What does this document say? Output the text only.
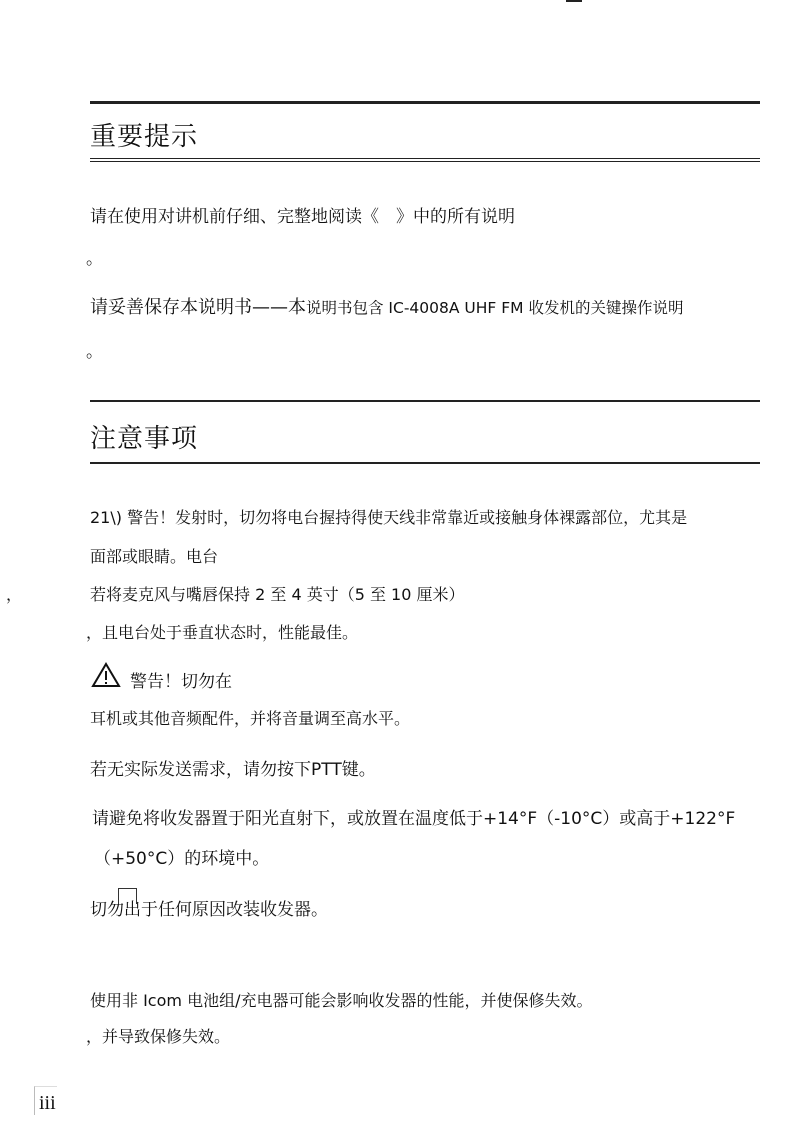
重要提示
请在使用对讲机前仔细、完整地阅读《　》中的所有说明
。
请妥善保存本说明书——本说明书包含 IC-4008A UHF FM 收发机的关键操作说明
。
注意事项
21\) 警告！发射时，切勿将电台握持得使天线非常靠近或接触身体裸露部位，尤其是
面部或眼睛。电台
，	若将麦克风与嘴唇保持 2 至 4 英寸（5 至 10 厘米）
，且电台处于垂直状态时，性能最佳。
警告！切勿在
耳机或其他音频配件，并将音量调至高水平。
若无实际发送需求，请勿按下PTT键。
请避免将收发器置于阳光直射下，或放置在温度低于+14°F（-10°C）或高于+122°F
（+50°C）的环境中。
切勿出于任何原因改装收发器。
使用非 Icom 电池组/充电器可能会影响收发器的性能，并使保修失效。
，并导致保修失效。
iii
